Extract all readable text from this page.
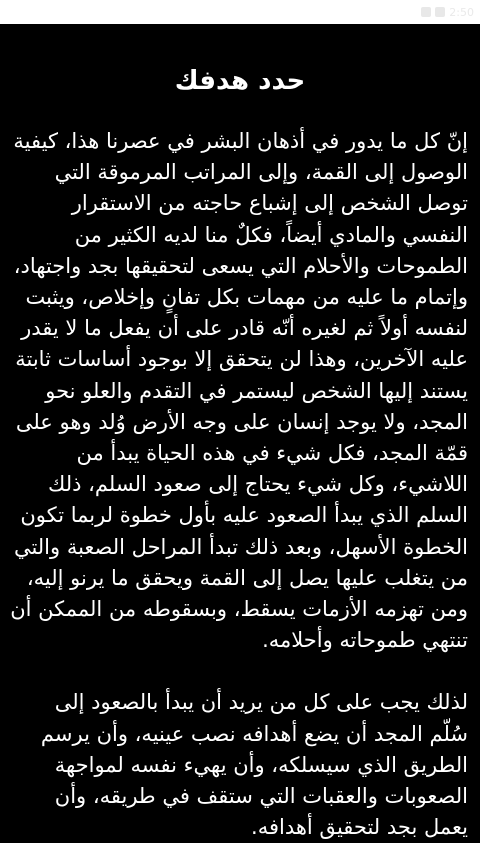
2:50
حدد هدفك

إنّ كل ما يدور في أذهان البشر في عصرنا هذا، كيفية الوصول إلى القمة، وإلى المراتب المرموقة التي توصل الشخص إلى إشباع حاجته من الاستقرار النفسي والمادي أيضاً، فكلٌ منا لديه الكثير من الطموحات والأحلام التي يسعى لتحقيقها بجد واجتهاد، وإتمام ما عليه من مهمات بكل تفانٍ وإخلاص، ويثبت لنفسه أولاً ثم لغيره أنّه قادر على أن يفعل ما لا يقدر عليه الآخرين، وهذا لن يتحقق إلا بوجود أساسات ثابتة يستند إليها الشخص ليستمر في التقدم والعلو نحو المجد، ولا يوجد إنسان على وجه الأرض وُلد وهو على قمّة المجد، فكل شيء في هذه الحياة يبدأ من اللاشيء، وكل شيء يحتاج إلى صعود السلم، ذلك السلم الذي يبدأ الصعود عليه بأول خطوة لربما تكون الخطوة الأسهل، وبعد ذلك تبدأ المراحل الصعبة والتي من يتغلب عليها يصل إلى القمة ويحقق ما يرنو إليه، ومن تهزمه الأزمات يسقط، وبسقوطه من الممكن أن تنتهي طموحاته وأحلامه.

لذلك يجب على كل من يريد أن يبدأ بالصعود إلى سُلّم المجد أن يضع أهدافه نصب عينيه، وأن يرسم الطريق الذي سيسلكه، وأن يهيء نفسه لمواجهة الصعوبات والعقبات التي ستقف في طريقه، وأن يعمل بجد لتحقيق أهدافه.
